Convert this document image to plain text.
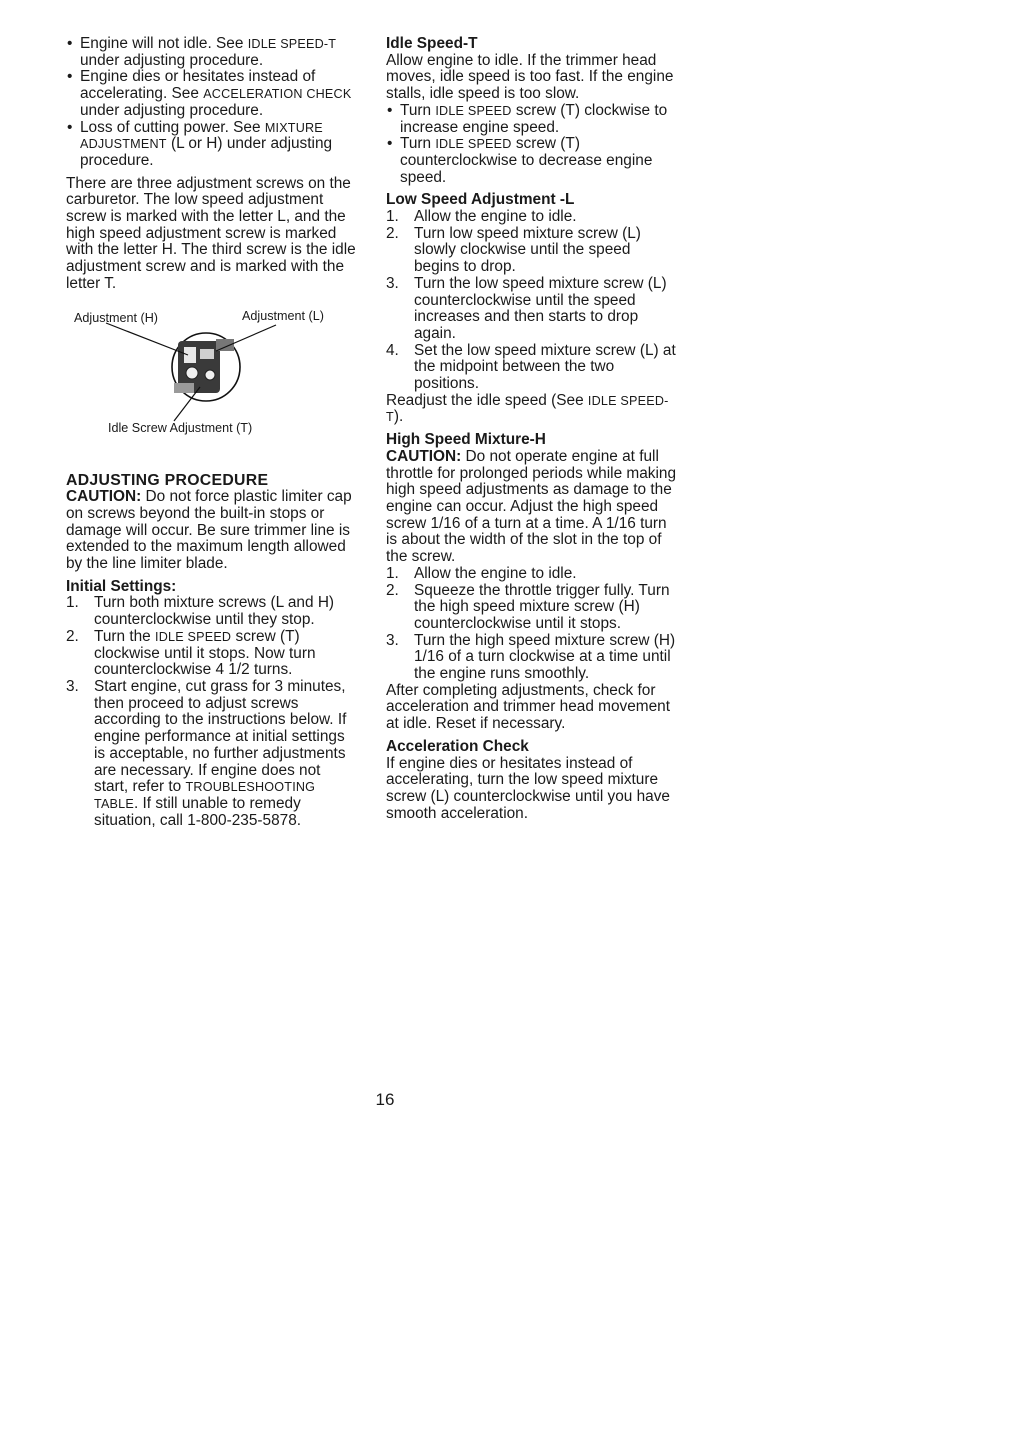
• Engine will not idle. See IDLE SPEED-T under adjusting procedure.
• Engine dies or hesitates instead of accelerating. See ACCELERATION CHECK under adjusting procedure.
• Loss of cutting power. See MIXTURE ADJUSTMENT (L or H) under adjusting procedure.

There are three adjustment screws on the carburetor. The low speed adjustment screw is marked with the letter L, and the high speed adjustment screw is marked with the letter H. The third screw is the idle adjustment screw and is marked with the letter T.

Adjustment (H)	Adjustment (L)
Idle Screw Adjustment (T)
ADJUSTING PROCEDURE

CAUTION: Do not force plastic limiter cap on screws beyond the built-in stops or damage will occur. Be sure trimmer line is extended to the maximum length allowed by the line limiter blade.

Initial Settings:
1. Turn both mixture screws (L and H) counterclockwise until they stop.
2. Turn the IDLE SPEED screw (T) clockwise until it stops. Now turn counterclockwise 4 1/2 turns.
3. Start engine, cut grass for 3 minutes, then proceed to adjust screws according to the instructions below. If engine performance at initial settings is acceptable, no further adjustments are necessary. If engine does not start, refer to TROUBLESHOOTING TABLE. If still unable to remedy situation, call 1-800-235-5878.
Idle Speed-T

Allow engine to idle. If the trimmer head moves, idle speed is too fast. If the engine stalls, idle speed is too slow.

• Turn IDLE SPEED screw (T) clockwise to increase engine speed.
• Turn IDLE SPEED screw (T) counterclockwise to decrease engine speed.
Low Speed Adjustment -L
1. Allow the engine to idle.
2. Turn low speed mixture screw (L) slowly clockwise until the speed begins to drop.
3. Turn the low speed mixture screw (L) counterclockwise until the speed increases and then starts to drop again.
4. Set the low speed mixture screw (L) at the midpoint between the two positions.

Readjust the idle speed (See IDLE SPEED-T).

High Speed Mixture-H

CAUTION: Do not operate engine at full throttle for prolonged periods while making high speed adjustments as damage to the engine can occur. Adjust the high speed screw 1/16 of a turn at a time. A 1/16 turn is about the width of the slot in the top of the screw.

1. Allow the engine to idle.
2. Squeeze the throttle trigger fully. Turn the high speed mixture screw (H) counterclockwise until it stops.
3. Turn the high speed mixture screw (H) 1/16 of a turn clockwise at a time until the engine runs smoothly.

After completing adjustments, check for acceleration and trimmer head movement at idle. Reset if necessary.

Acceleration Check

If engine dies or hesitates instead of accelerating, turn the low speed mixture screw (L) counterclockwise until you have smooth acceleration.

16
